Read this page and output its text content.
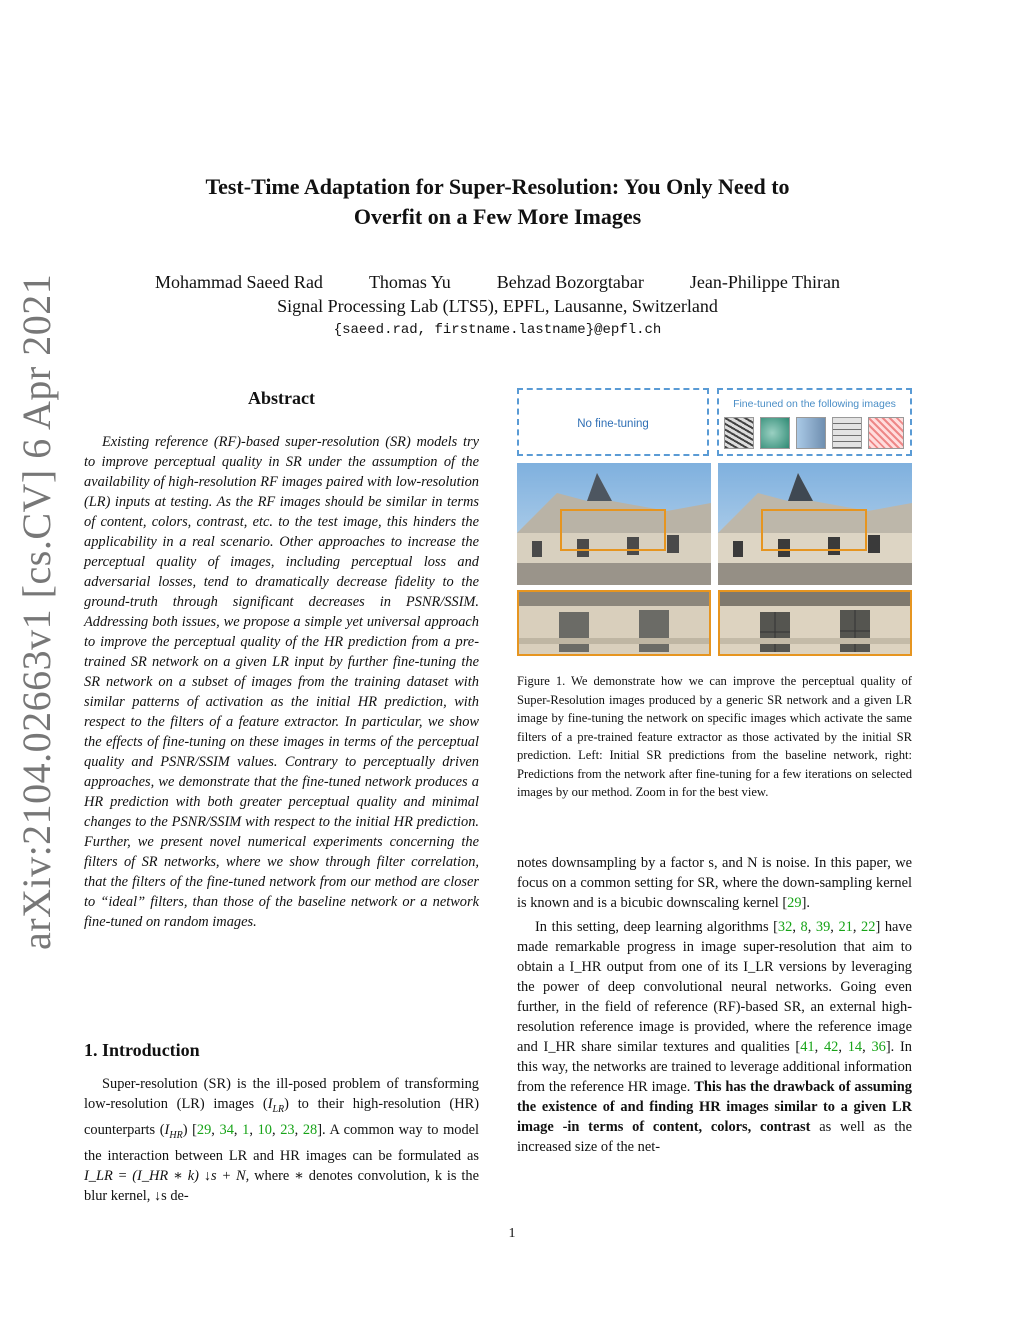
arXiv:2104.02663v1 [cs.CV] 6 Apr 2021
Test-Time Adaptation for Super-Resolution: You Only Need to
Overfit on a Few More Images
Mohammad Saeed Rad	Thomas Yu	Behzad Bozorgtabar	Jean-Philippe Thiran
Signal Processing Lab (LTS5), EPFL, Lausanne, Switzerland
{saeed.rad, firstname.lastname}@epfl.ch
Abstract
Existing reference (RF)-based super-resolution (SR) models try to improve perceptual quality in SR under the assumption of the availability of high-resolution RF images paired with low-resolution (LR) inputs at testing. As the RF images should be similar in terms of content, colors, contrast, etc. to the test image, this hinders the applicability in a real scenario. Other approaches to increase the perceptual quality of images, including perceptual loss and adversarial losses, tend to dramatically decrease fidelity to the ground-truth through significant decreases in PSNR/SSIM. Addressing both issues, we propose a simple yet universal approach to improve the perceptual quality of the HR prediction from a pre-trained SR network on a given LR input by further fine-tuning the SR network on a subset of images from the training dataset with similar patterns of activation as the initial HR prediction, with respect to the filters of a feature extractor. In particular, we show the effects of fine-tuning on these images in terms of the perceptual quality and PSNR/SSIM values. Contrary to perceptually driven approaches, we demonstrate that the fine-tuned network produces a HR prediction with both greater perceptual quality and minimal changes to the PSNR/SSIM with respect to the initial HR prediction. Further, we present novel numerical experiments concerning the filters of SR networks, where we show through filter correlation, that the filters of the fine-tuned network from our method are closer to “ideal” filters, than those of the baseline network or a network fine-tuned on random images.
1. Introduction
Super-resolution (SR) is the ill-posed problem of transforming low-resolution (LR) images $(I_{LR})$ to their high-resolution (HR) counterparts $(I_{HR})$ [29, 34, 1, 10, 23, 28]. A common way to model the interaction between LR and HR images can be formulated as I_LR = (I_HR ∗ k) ↓s + N, where ∗ denotes convolution, k is the blur kernel, ↓s de-
No fine-tuning
Fine-tuned on the following images
Figure 1. We demonstrate how we can improve the perceptual quality of Super-Resolution images produced by a generic SR network and a given LR image by fine-tuning the network on specific images which activate the same filters of a pre-trained feature extractor as those activated by the initial SR prediction. Left: Initial SR predictions from the baseline network, right: Predictions from the network after fine-tuning for a few iterations on selected images by our method. Zoom in for the best view.

notes downsampling by a factor s, and N is noise. In this paper, we focus on a common setting for SR, where the down-sampling kernel is known and is a bicubic downscaling kernel [29].

In this setting, deep learning algorithms [32, 8, 39, 21, 22] have made remarkable progress in image super-resolution that aim to obtain a I_HR output from one of its I_LR versions by leveraging the power of deep convolutional neural networks. Going even further, in the field of reference (RF)-based SR, an external high-resolution reference image is provided, where the reference image and I_HR share similar textures and qualities [41, 42, 14, 36]. In this way, the networks are trained to leverage additional information from the reference HR image. This has the drawback of assuming the existence of and finding HR images similar to a given LR image -in terms of content, colors, contrast as well as the increased size of the net-

1
